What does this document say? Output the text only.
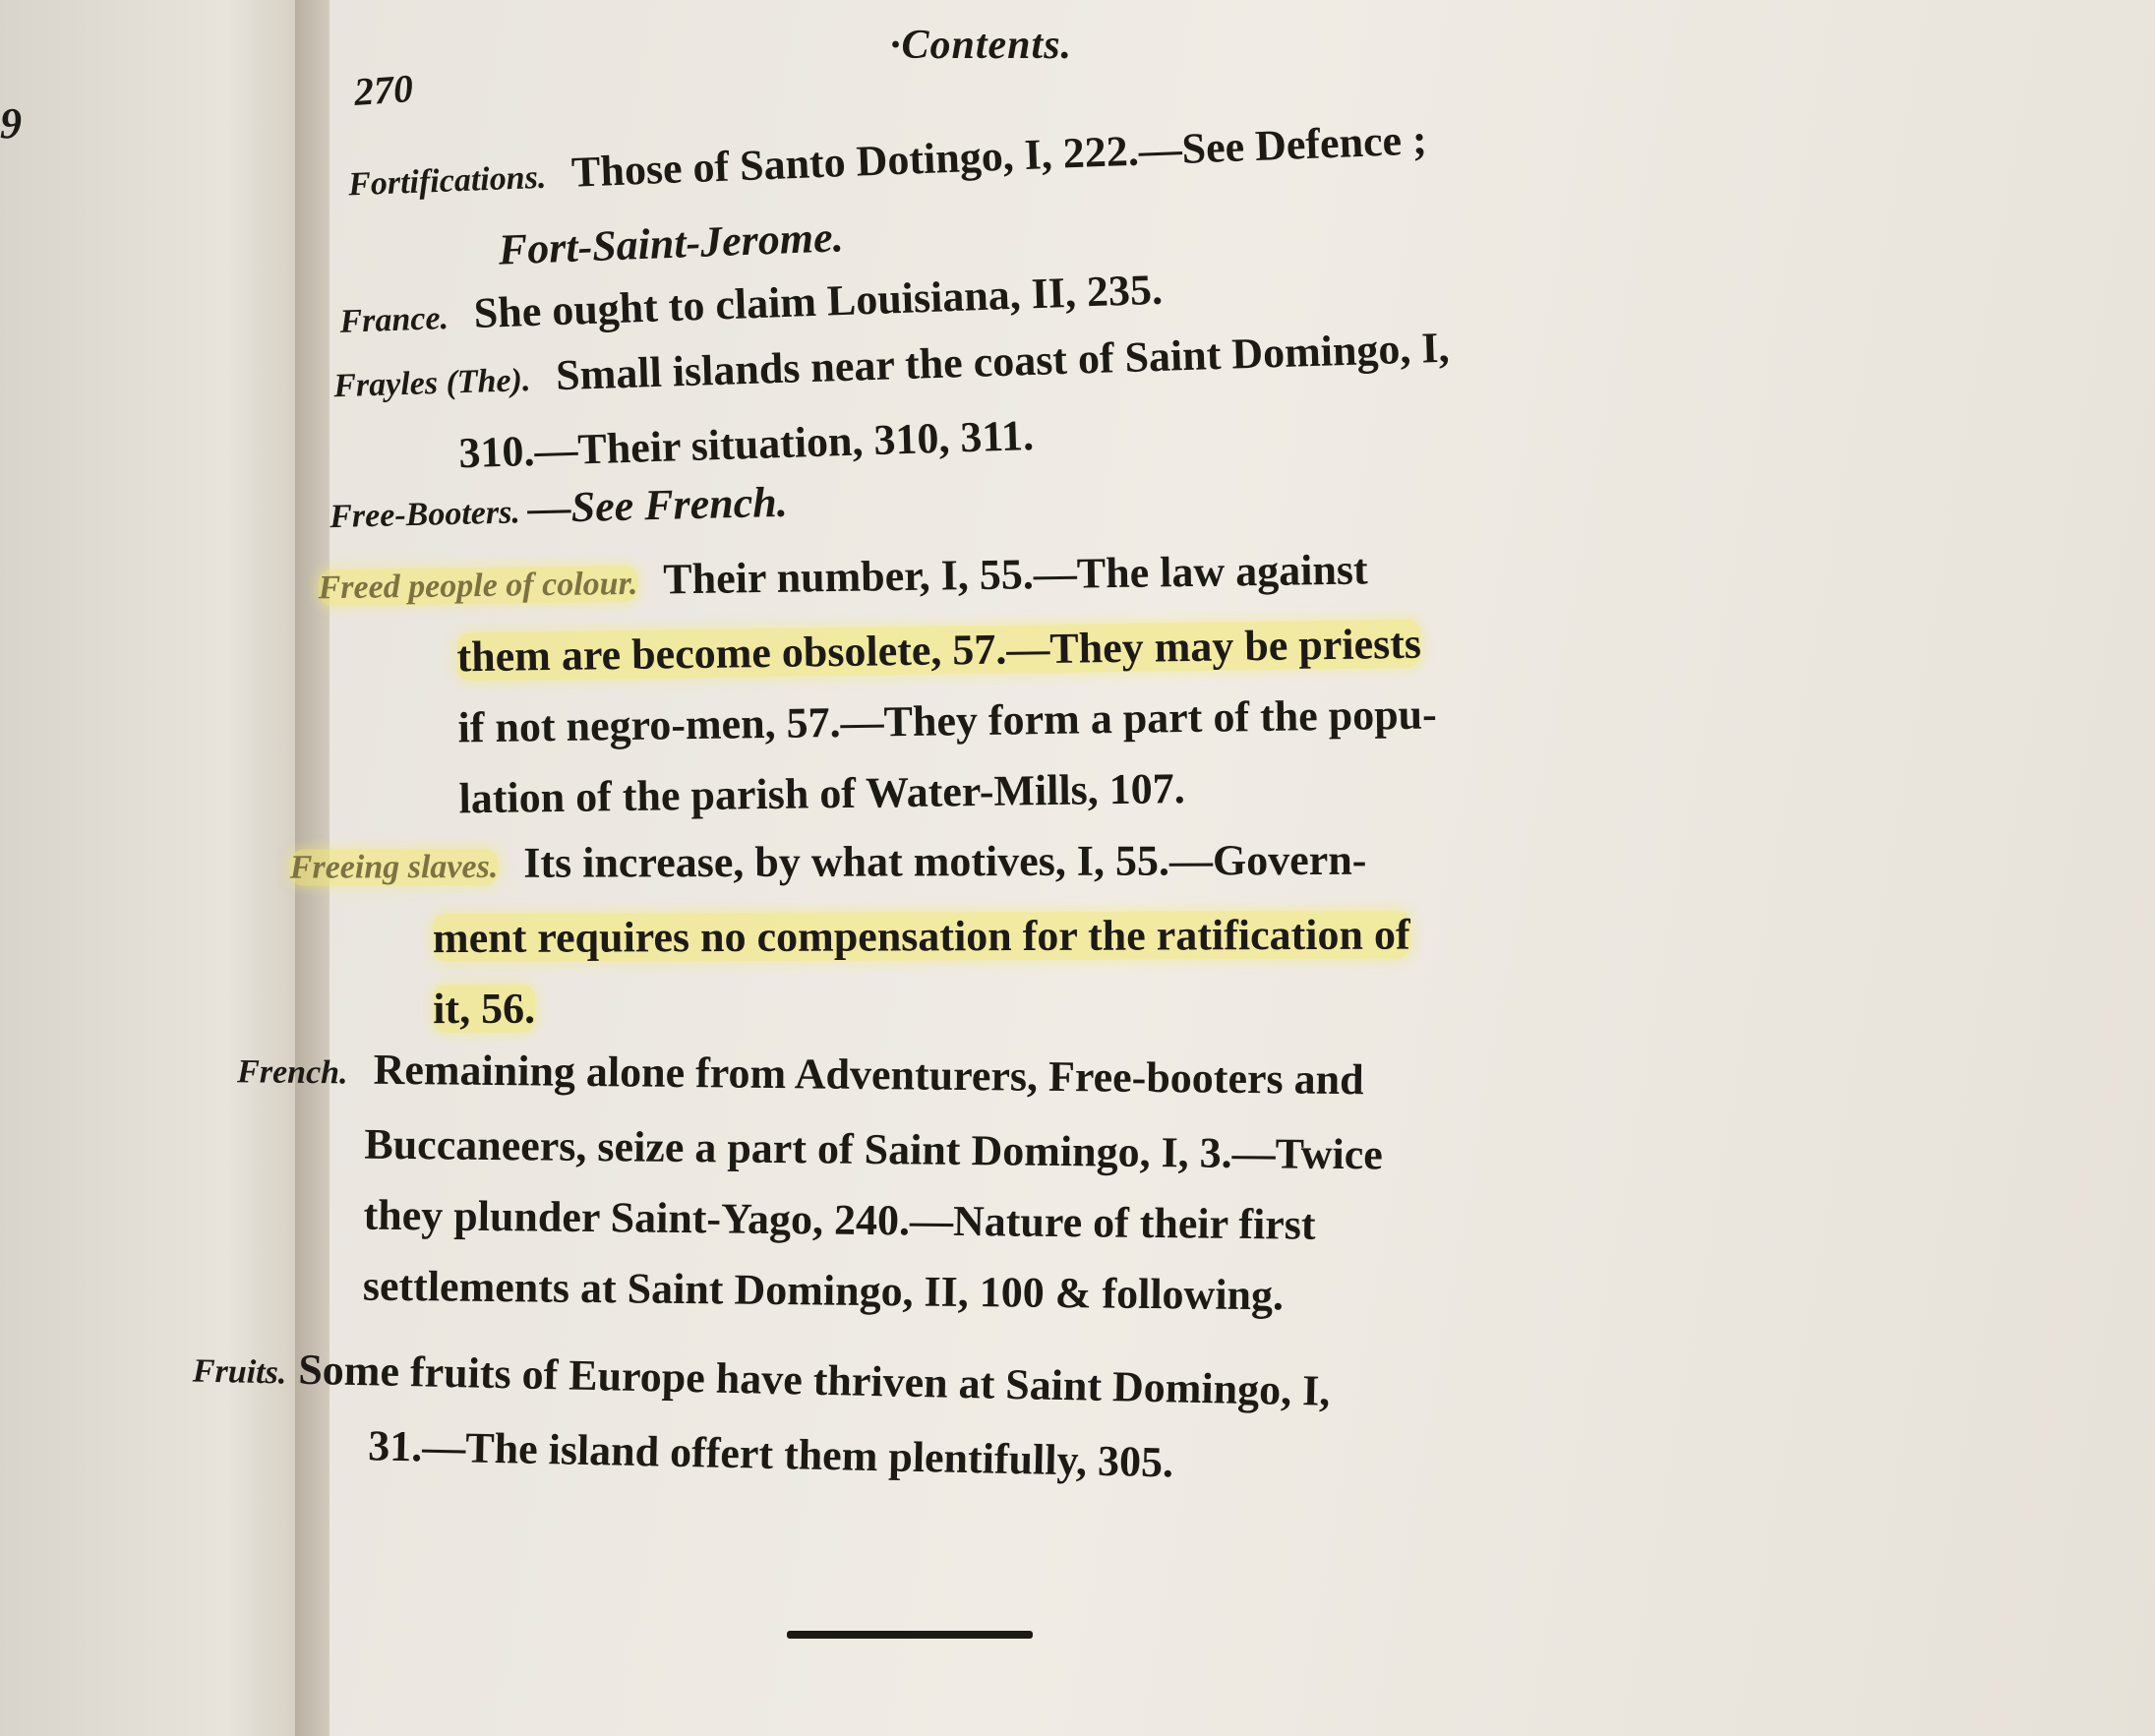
9
·Contents.
270
Fortifications. Those of Santo Dotingo, I, 222.—See Defence ;
Fort-Saint-Jerome.
France. She ought to claim Louisiana, II, 235.
Frayles (The). Small islands near the coast of Saint Domingo, I,
310.—Their situation, 310, 311.
Free-Booters. —See French.
Freed people of colour. Their number, I, 55.—The law against
them are become obsolete, 57.—They may be priests
if not negro-men, 57.—They form a part of the popu-
lation of the parish of Water-Mills, 107.
Freeing slaves. Its increase, by what motives, I, 55.—Govern-
ment requires no compensation for the ratification of
it, 56.
French. Remaining alone from Adventurers, Free-booters and
Buccaneers, seize a part of Saint Domingo, I, 3.—Twice
they plunder Saint-Yago, 240.—Nature of their first
settlements at Saint Domingo, II, 100 & following.
Fruits. Some fruits of Europe have thriven at Saint Domingo, I,
31.—The island offert them plentifully, 305.
